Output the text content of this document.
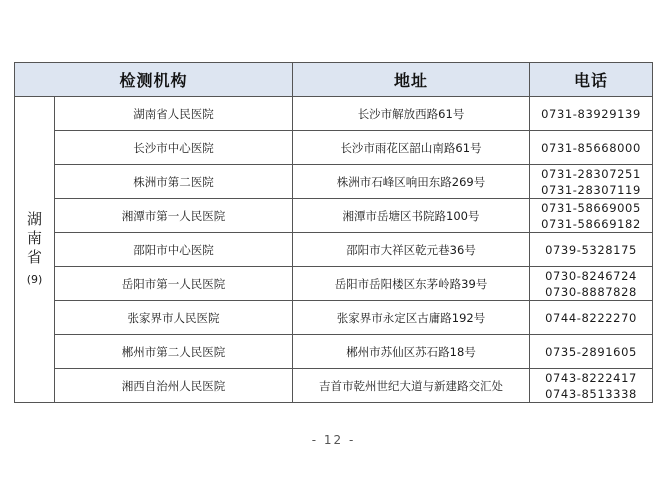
检测机构		地址	电话

湖
南
省
(9)	湖南省人民医院	长沙市解放西路61号	0731-83929139

	长沙市中心医院	长沙市雨花区韶山南路61号	0731-85668000

	株洲市第二医院	株洲市石峰区响田东路269号	0731-28307251
0731-28307119

	湘潭市第一人民医院	湘潭市岳塘区书院路100号	0731-58669005
0731-58669182

	邵阳市中心医院	邵阳市大祥区乾元巷36号	0739-5328175

	岳阳市第一人民医院	岳阳市岳阳楼区东茅岭路39号	0730-8246724
0730-8887828

	张家界市人民医院	张家界市永定区古庸路192号	0744-8222270

	郴州市第二人民医院	郴州市苏仙区苏石路18号	0735-2891605

	湘西自治州人民医院	吉首市乾州世纪大道与新建路交汇处	0743-8222417
0743-8513338
- 12 -
